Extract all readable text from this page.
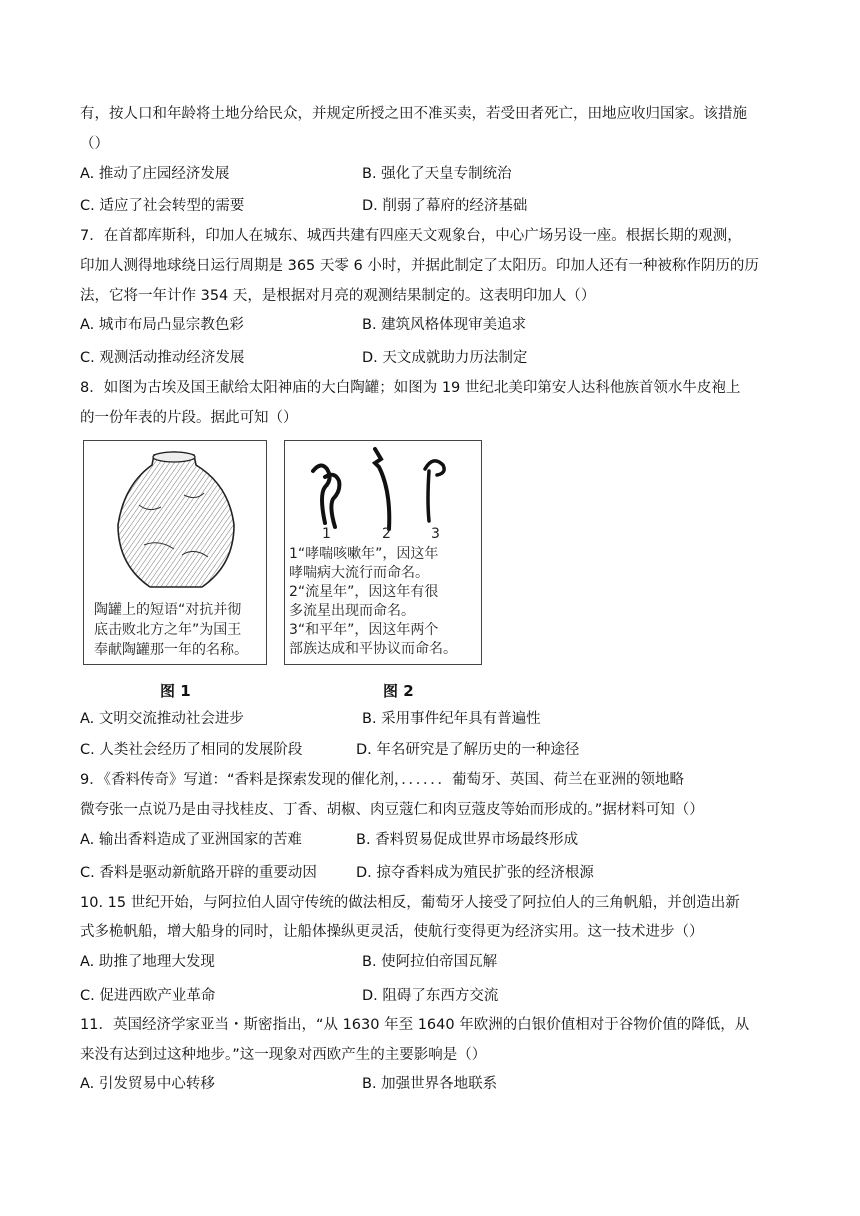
有，按人口和年龄将土地分给民众，并规定所授之田不准买卖，若受田者死亡，田地应收归国家。该措施
（）
A. 推动了庄园经济发展	B. 强化了天皇专制统治
C. 适应了社会转型的需要	D. 削弱了幕府的经济基础
7．在首都库斯科，印加人在城东、城西共建有四座天文观象台，中心广场另设一座。根据长期的观测，
印加人测得地球绕日运行周期是 365 天零 6 小时，并据此制定了太阳历。印加人还有一种被称作阴历的历
法，它将一年计作 354 天，是根据对月亮的观测结果制定的。这表明印加人（）
A. 城市布局凸显宗教色彩	B. 建筑风格体现审美追求
C. 观测活动推动经济发展	D. 天文成就助力历法制定
8．如图为古埃及国王献给太阳神庙的大白陶罐；如图为 19 世纪北美印第安人达科他族首领水牛皮袍上
的一份年表的片段。据此可知（）
陶罐上的短语“对抗并彻
底击败北方之年”为国王
奉献陶罐那一年的名称。
图 1
1	2	3
1“哮喘咳嗽年”，因这年
哮喘病大流行而命名。
2“流星年”，因这年有很
多流星出现而命名。
3“和平年”，因这年两个
部族达成和平协议而命名。
图 2
A. 文明交流推动社会进步	B. 采用事件纪年具有普遍性
C. 人类社会经历了相同的发展阶段	D. 年名研究是了解历史的一种途径
9．《香料传奇》写道：“香料是探索发现的催化剂，．．．．．．葡萄牙、英国、荷兰在亚洲的领地略
微夸张一点说乃是由寻找桂皮、丁香、胡椒、肉豆蔻仁和肉豆蔻皮等始而形成的。”据材料可知（）
A. 输出香料造成了亚洲国家的苦难	B. 香料贸易促成世界市场最终形成
C. 香料是驱动新航路开辟的重要动因	D. 掠夺香料成为殖民扩张的经济根源
10. 15 世纪开始，与阿拉伯人固守传统的做法相反，葡萄牙人接受了阿拉伯人的三角帆船，并创造出新
式多桅帆船，增大船身的同时，让船体操纵更灵活，使航行变得更为经济实用。这一技术进步（）
A. 助推了地理大发现	B. 使阿拉伯帝国瓦解
C. 促进西欧产业革命	D. 阻碍了东西方交流
11．英国经济学家亚当・斯密指出，“从 1630 年至 1640 年欧洲的白银价值相对于谷物价值的降低，从
来没有达到过这种地步。”这一现象对西欧产生的主要影响是（）
A. 引发贸易中心转移	B. 加强世界各地联系
